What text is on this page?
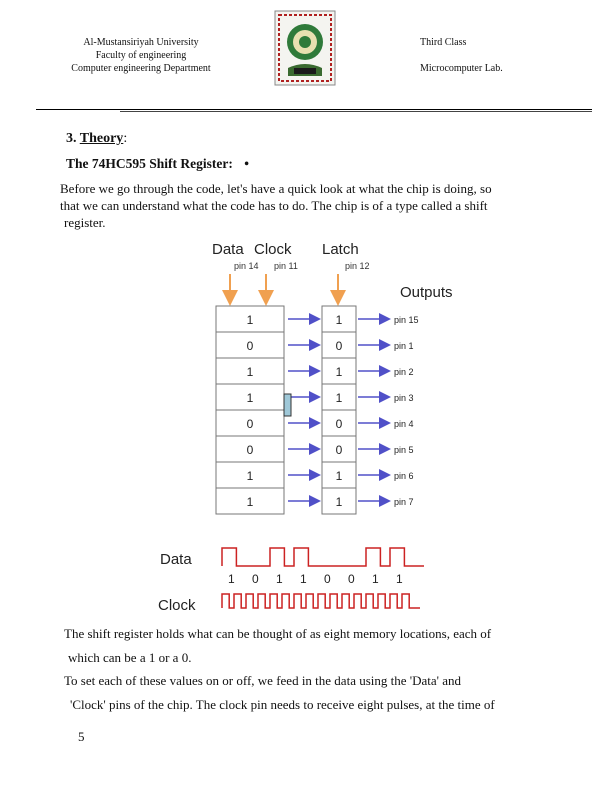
Al-Mustansiriyah University
Faculty of engineering
Computer engineering Department
Third Class
Microcomputer Lab.
3. Theory:
The 74HC595 Shift Register: •
Before we go through the code, let's have a quick look at what the chip is doing, so
that we can understand what the code has to do. The chip is of a type called a shift
register.
Data Clock Latch
pin 14 pin 11	pin 12
Outputs
1
0
1
1
0
0
1
1
1
0
1
1
0
0
1
1
pin 15
pin 1
pin 2
pin 3
pin 4
pin 5
pin 6
pin 7
Data
Clock
1 0 1 1 0 0 1 1
The shift register holds what can be thought of as eight memory locations, each of
which can be a 1 or a 0.
To set each of these values on or off, we feed in the data using the 'Data' and
'Clock' pins of the chip. The clock pin needs to receive eight pulses, at the time of
5
